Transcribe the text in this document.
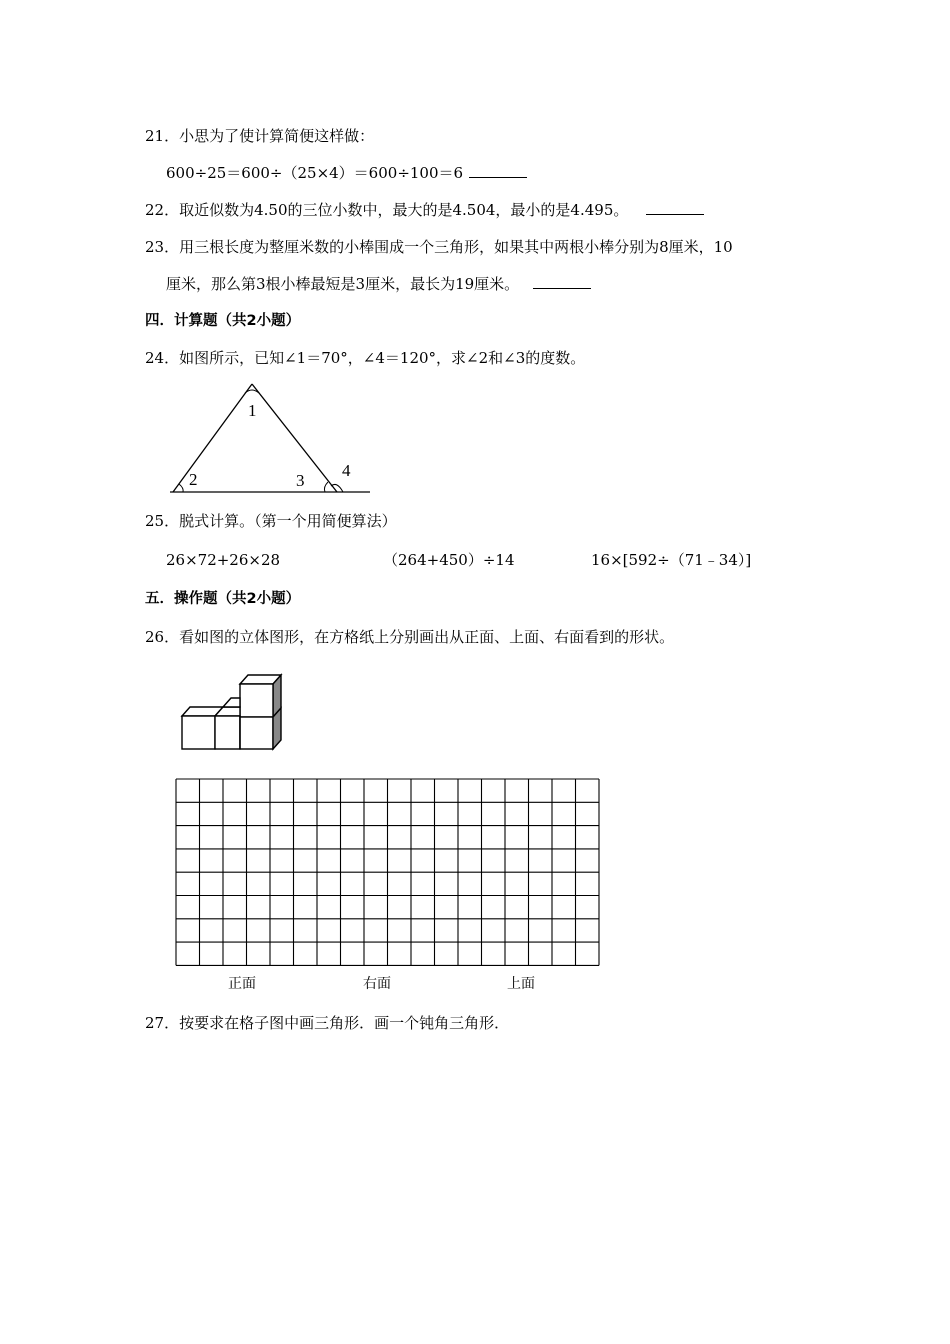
21．小思为了使计算简便这样做：
600÷25＝600÷（25×4）＝600÷100＝6
22．取近似数为4.50的三位小数中，最大的是4.504，最小的是4.495。
23．用三根长度为整厘米数的小棒围成一个三角形，如果其中两根小棒分别为8厘米，10
厘米，那么第3根小棒最短是3厘米，最长为19厘米。
四．计算题（共2小题）
24．如图所示，已知∠1＝70°，∠4＝120°，求∠2和∠3的度数。
1
2	3
4
25．脱式计算。（第一个用简便算法）
26×72+26×28	（264+450）÷14	16×[592÷（71﹣34）]
五．操作题（共2小题）
26．看如图的立体图形，在方格纸上分别画出从正面、上面、右面看到的形状。
正面	右面	上面
27．按要求在格子图中画三角形．画一个钝角三角形．
